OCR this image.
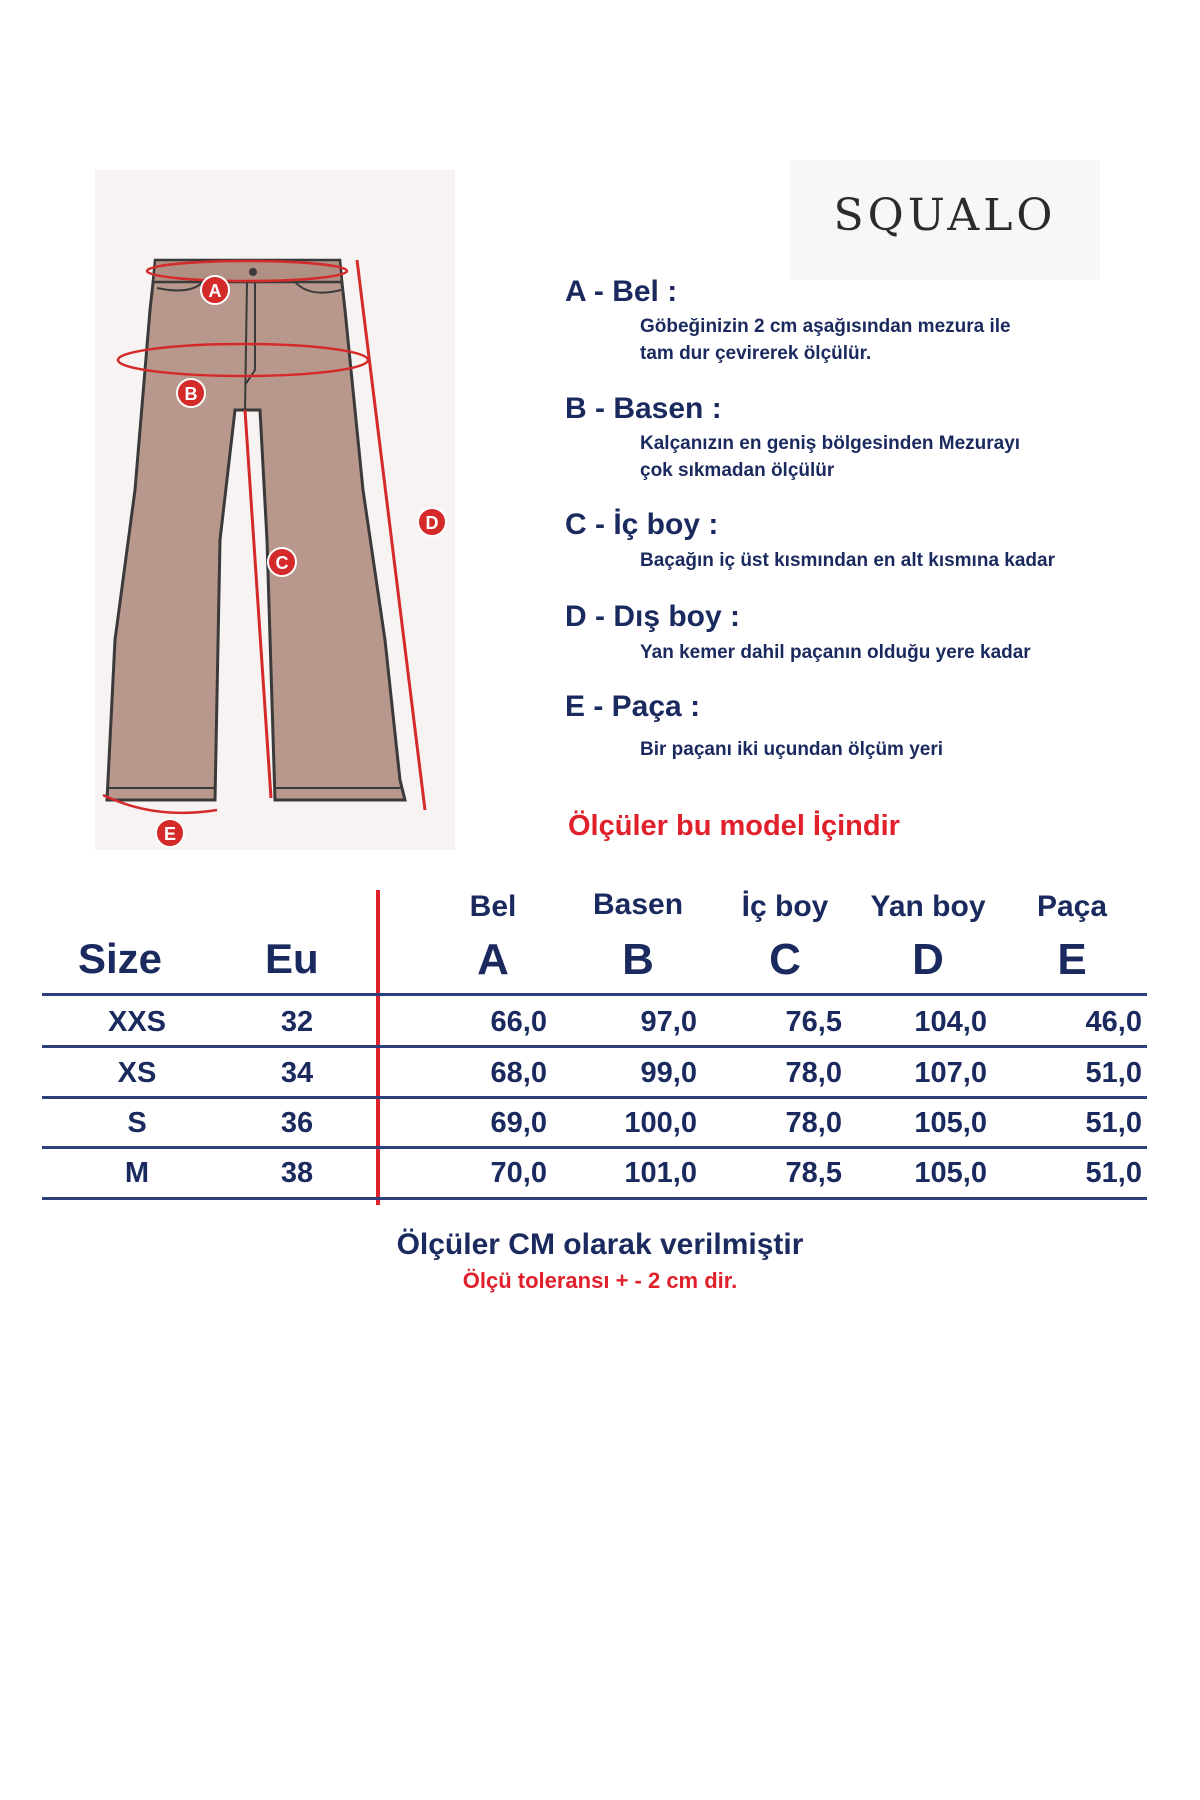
A
B
C
D
E
SQUALO
A - Bel :
Göbeğinizin 2 cm aşağısından mezura ile
tam dur çevirerek ölçülür.
B - Basen :
Kalçanızın en geniş bölgesinden Mezurayı
çok sıkmadan ölçülür
C - İç boy :
Baçağın iç üst kısmından en alt kısmına kadar
D - Dış boy :
Yan kemer dahil paçanın olduğu yere kadar
E - Paça :
Bir paçanı iki uçundan ölçüm yeri
Ölçüler bu model İçindir
Size Eu
Bel	Basen	İç boy	Yan boy	Paça
A	B	C	D	E
XXS	32	66,0	97,0	76,5	104,0	46,0
XS	34	68,0	99,0	78,0	107,0	51,0
S	36	69,0	100,0	78,0	105,0	51,0
M	38	70,0	101,0	78,5	105,0	51,0
Ölçüler CM olarak verilmiştir
Ölçü toleransı + - 2 cm dir.
